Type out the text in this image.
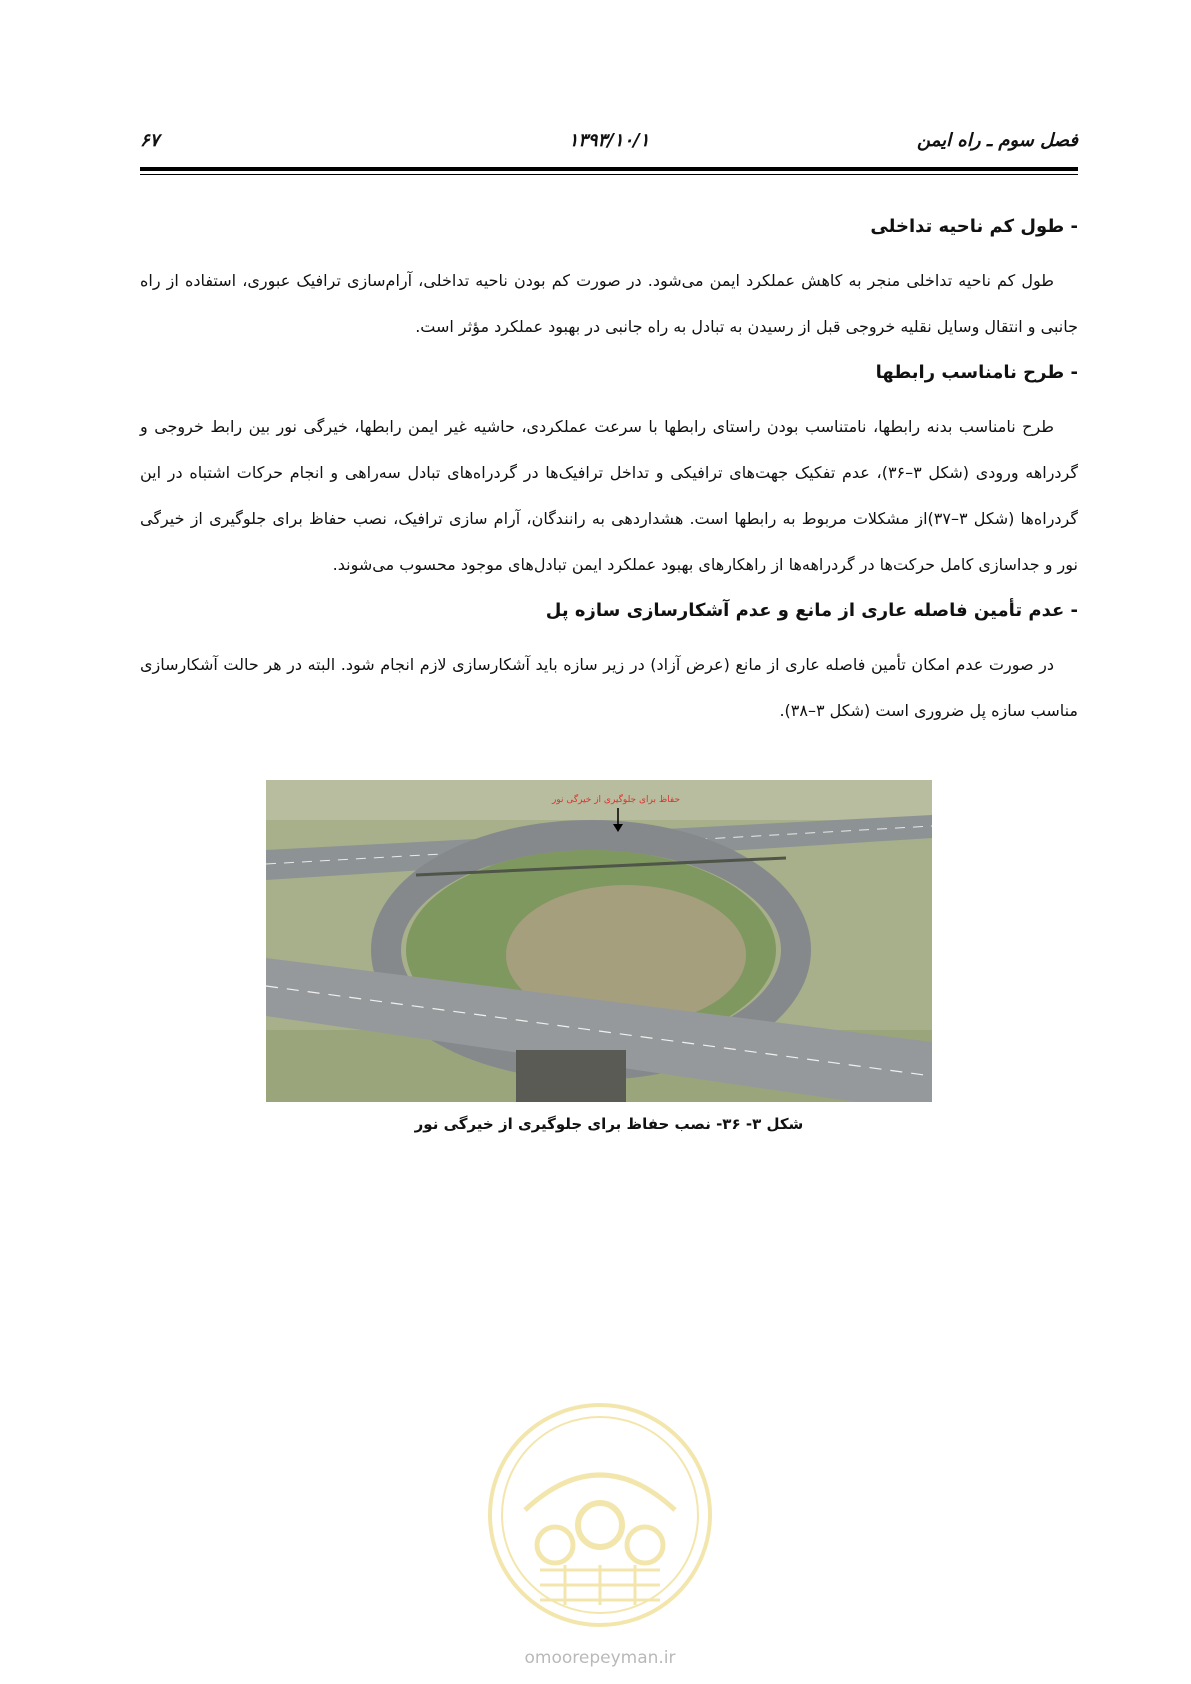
۶۷	۱۳۹۳/۱۰/۱	فصل سوم ـ راه ایمن
- طول کم ناحیه تداخلی
طول کم ناحیه تداخلی منجر به کاهش عملکرد ایمن می‌شود. در صورت کم بودن ناحیه تداخلی، آرام‌سازی ترافیک عبوری، استفاده از راه جانبی و انتقال وسایل نقلیه خروجی قبل از رسیدن به تبادل به راه جانبی در بهبود عملکرد مؤثر است.
- طرح نامناسب رابطها
طرح نامناسب بدنه رابطها، نامتناسب بودن راستای رابطها با سرعت عملکردی، حاشیه غیر ایمن رابطها، خیرگی نور بین رابط خروجی و گردراهه ورودی (شکل ۳–۳۶)، عدم تفکیک جهت‌های ترافیکی و تداخل ترافیک‌ها در گردراه‌های تبادل سه‌راهی و انجام حرکات اشتباه در این گردراه‌ها (شکل ۳–۳۷)از مشکلات مربوط به رابطها است. هشداردهی به رانندگان، آرام سازی ترافیک، نصب حفاظ برای جلوگیری از خیرگی نور و جداسازی کامل حرکت‌ها در گردراهه‌ها از راهکارهای بهبود عملکرد ایمن تبادل‌های موجود محسوب می‌شوند.
- عدم تأمین فاصله عاری از مانع و عدم آشکارسازی سازه پل
در صورت عدم امکان تأمین فاصله عاری از مانع (عرض آزاد) در زیر سازه باید آشکارسازی لازم انجام شود. البته در هر حالت آشکارسازی مناسب سازه پل ضروری است (شکل ۳–۳۸).
حفاظ برای جلوگیری از خیرگی نور
شکل ۳- ۳۶- نصب حفاظ برای جلوگیری از خیرگی نور
omoorepeyman.ir
